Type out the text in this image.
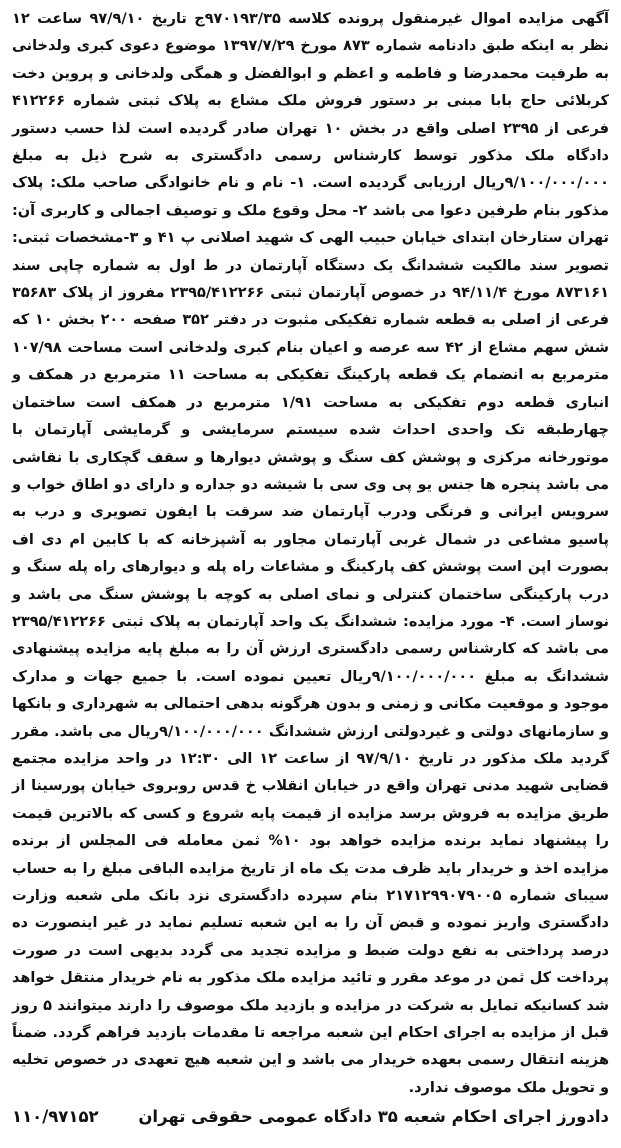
آگهی مزایده اموال غیرمنقول پرونده کلاسه ۹۷۰۱۹۳/۳۵ج تاریخ ۹۷/۹/۱۰ ساعت ۱۲ نظر به اینکه طبق دادنامه شماره ۸۷۳ مورخ ۱۳۹۷/۷/۲۹ موضوع دعوی کبری ولدخانی به طرفیت محمدرضا و فاطمه و اعظم و ابوالفضل و همگی ولدخانی و پروین دخت کربلائی حاج بابا مبنی بر دستور فروش ملک مشاع به پلاک ثبتی شماره ۴۱۲۲۶۶ فرعی از ۲۳۹۵ اصلی واقع در بخش ۱۰ تهران صادر گردیده است لذا حسب دستور دادگاه ملک مذکور توسط کارشناس رسمی دادگستری به شرح ذیل به مبلغ ۹/۱۰۰/۰۰۰/۰۰۰ریال ارزیابی گردیده است. ۱- نام و نام خانوادگی صاحب ملک: پلاک مذکور بنام طرفین دعوا می باشد ۲- محل وقوع ملک و توصیف اجمالی و کاربری آن: تهران ستارخان ابتدای خیابان حبیب الهی ک شهید اصلانی پ ۴۱ و ۳-مشخصات ثبتی: تصویر سند مالکیت ششدانگ یک دستگاه آپارتمان در ط اول به شماره چاپی سند ۸۷۳۱۶۱ مورخ ۹۴/۱۱/۴ در خصوص آپارتمان ثبتی ۲۳۹۵/۴۱۲۲۶۶ مفروز از پلاک ۳۵۶۸۳ فرعی از اصلی به قطعه شماره تفکیکی مثبوت در دفتر ۳۵۲ صفحه ۲۰۰ بخش ۱۰ که شش سهم مشاع از ۴۲ سه عرصه و اعیان بنام کبری ولدخانی است مساحت ۱۰۷/۹۸ مترمربع به انضمام یک قطعه پارکینگ تفکیکی به مساحت ۱۱ مترمربع در همکف و انباری قطعه دوم تفکیکی به مساحت ۱/۹۱ مترمربع در همکف است ساختمان چهارطبقه تک واحدی احداث شده سیستم سرمایشی و گرمایشی آپارتمان با موتورخانه مرکزی و پوشش کف سنگ و پوشش دیوارها و سقف گچکاری با نقاشی می باشد پنجره ها جنس یو پی وی سی با شیشه دو جداره و دارای دو اطاق خواب و سرویس ایرانی و فرنگی ودرب آپارتمان ضد سرقت با ایفون تصویری و درب به پاسیو مشاعی در شمال غربی آپارتمان مجاور به آشپزخانه که با کابین ام دی اف بصورت اپن است پوشش کف پارکینگ و مشاعات راه پله و دیوارهای راه پله سنگ و درب پارکینگی ساختمان کنترلی و نمای اصلی به کوچه با پوشش سنگ می باشد و نوساز است. ۴- مورد مزایده: ششدانگ یک واحد آپارتمان به پلاک ثبتی ۲۳۹۵/۴۱۲۲۶۶ می باشد که کارشناس رسمی دادگستری ارزش آن را به مبلغ پایه مزایده پیشنهادی ششدانگ به مبلغ ۹/۱۰۰/۰۰۰/۰۰۰ریال تعیین نموده است. با جمیع جهات و مدارک موجود و موقعیت مکانی و زمنی و بدون هرگونه بدهی احتمالی به شهرداری و بانکها و سازمانهای دولتی و غیردولتی ارزش ششدانگ ۹/۱۰۰/۰۰۰/۰۰۰ریال می باشد. مقرر گردید ملک مذکور در تاریخ ۹۷/۹/۱۰ از ساعت ۱۲ الی ۱۲:۳۰ در واحد مزایده مجتمع قضایی شهید مدنی تهران واقع در خیابان انقلاب خ قدس روبروی خیابان پورسینا از طریق مزایده به فروش برسد مزایده از قیمت پایه شروع و کسی که بالاترین قیمت را پیشنهاد نماید برنده مزایده خواهد بود ۱۰% ثمن معامله فی المجلس از برنده مزایده اخذ و خریدار باید ظرف مدت یک ماه از تاریخ مزایده الباقی مبلغ را به حساب سیبای شماره ۲۱۷۱۲۹۹۰۷۹۰۰۵ بنام سپرده دادگستری نزد بانک ملی شعبه وزارت دادگستری واریز نموده و قبض آن را به این شعبه تسلیم نماید در غیر اینصورت ده درصد پرداختی به نفع دولت ضبط و مزایده تجدید می گردد بدیهی است در صورت پرداخت کل ثمن در موعد مقرر و تائید مزایده ملک مذکور به نام خریدار منتقل خواهد شد کسانیکه تمایل به شرکت در مزایده و بازدید ملک موصوف را دارند میتوانند ۵ روز قبل از مزایده به اجرای احکام این شعبه مراجعه تا مقدمات بازدید فراهم گردد. ضمناً هزینه انتقال رسمی بعهده خریدار می باشد و این شعبه هیچ تعهدی در خصوص تخلیه و تحویل ملک موصوف ندارد.

دادورز اجرای احکام شعبه ۳۵ دادگاه عمومی حقوقی تهران
۱۱۰/۹۷۱۵۲
